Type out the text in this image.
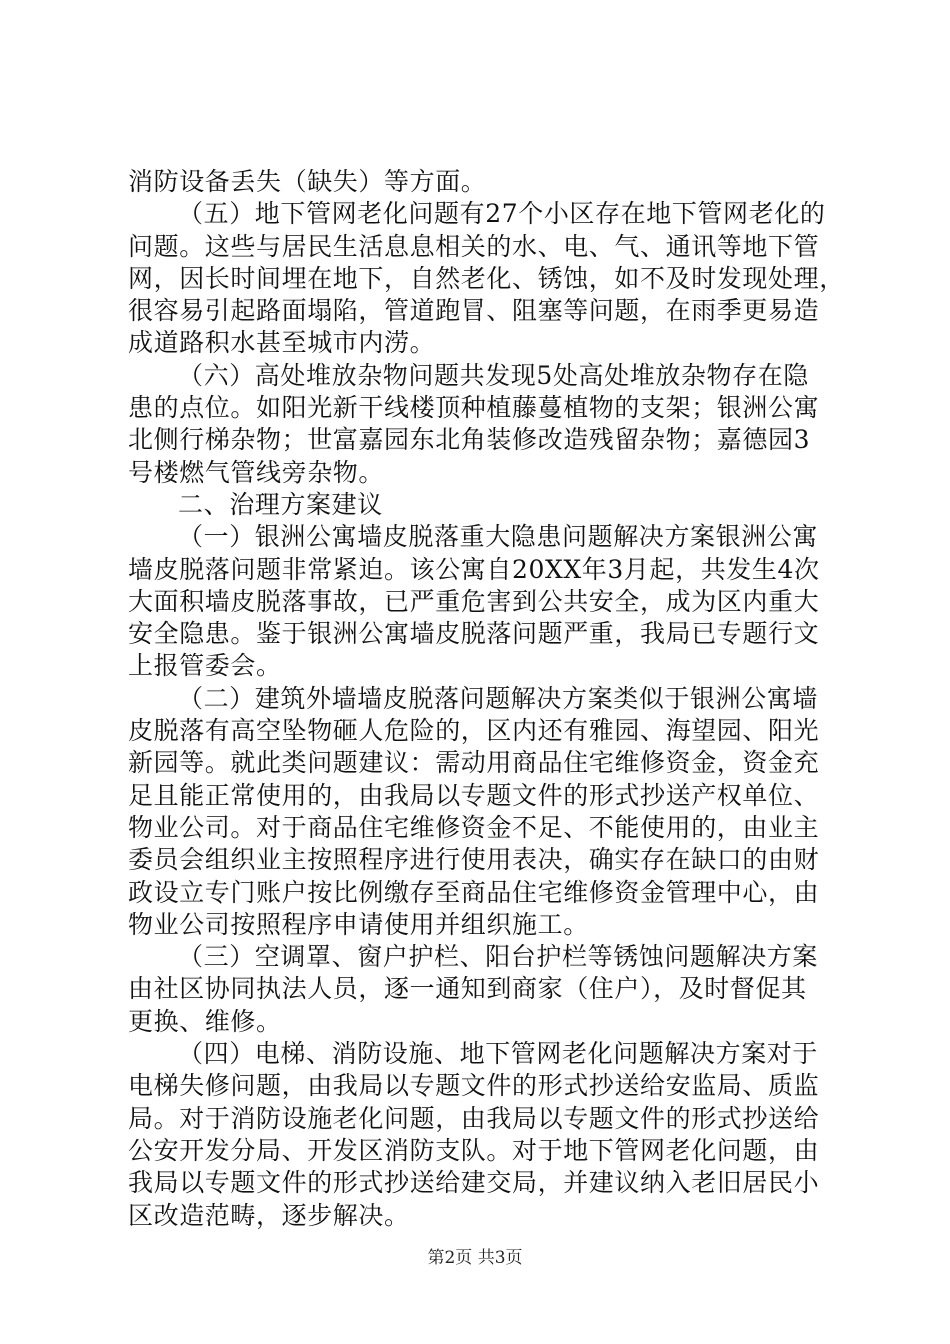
消防设备丢失（缺失）等方面。
（五）地下管网老化问题有27个小区存在地下管网老化的
问题。这些与居民生活息息相关的水、电、气、通讯等地下管
网，因长时间埋在地下，自然老化、锈蚀，如不及时发现处理，
很容易引起路面塌陷，管道跑冒、阻塞等问题，在雨季更易造
成道路积水甚至城市内涝。
（六）高处堆放杂物问题共发现5处高处堆放杂物存在隐
患的点位。如阳光新干线楼顶种植藤蔓植物的支架；银洲公寓
北侧行梯杂物；世富嘉园东北角装修改造残留杂物；嘉德园3
号楼燃气管线旁杂物。
二、治理方案建议
（一）银洲公寓墙皮脱落重大隐患问题解决方案银洲公寓
墙皮脱落问题非常紧迫。该公寓自20XX年3月起，共发生4次
大面积墙皮脱落事故，已严重危害到公共安全，成为区内重大
安全隐患。鉴于银洲公寓墙皮脱落问题严重，我局已专题行文
上报管委会。
（二）建筑外墙墙皮脱落问题解决方案类似于银洲公寓墙
皮脱落有高空坠物砸人危险的，区内还有雅园、海望园、阳光
新园等。就此类问题建议：需动用商品住宅维修资金，资金充
足且能正常使用的，由我局以专题文件的形式抄送产权单位、
物业公司。对于商品住宅维修资金不足、不能使用的，由业主
委员会组织业主按照程序进行使用表决，确实存在缺口的由财
政设立专门账户按比例缴存至商品住宅维修资金管理中心，由
物业公司按照程序申请使用并组织施工。
（三）空调罩、窗户护栏、阳台护栏等锈蚀问题解决方案
由社区协同执法人员，逐一通知到商家（住户），及时督促其
更换、维修。
（四）电梯、消防设施、地下管网老化问题解决方案对于
电梯失修问题，由我局以专题文件的形式抄送给安监局、质监
局。对于消防设施老化问题，由我局以专题文件的形式抄送给
公安开发分局、开发区消防支队。对于地下管网老化问题，由
我局以专题文件的形式抄送给建交局，并建议纳入老旧居民小
区改造范畴，逐步解决。
第2页 共3页
